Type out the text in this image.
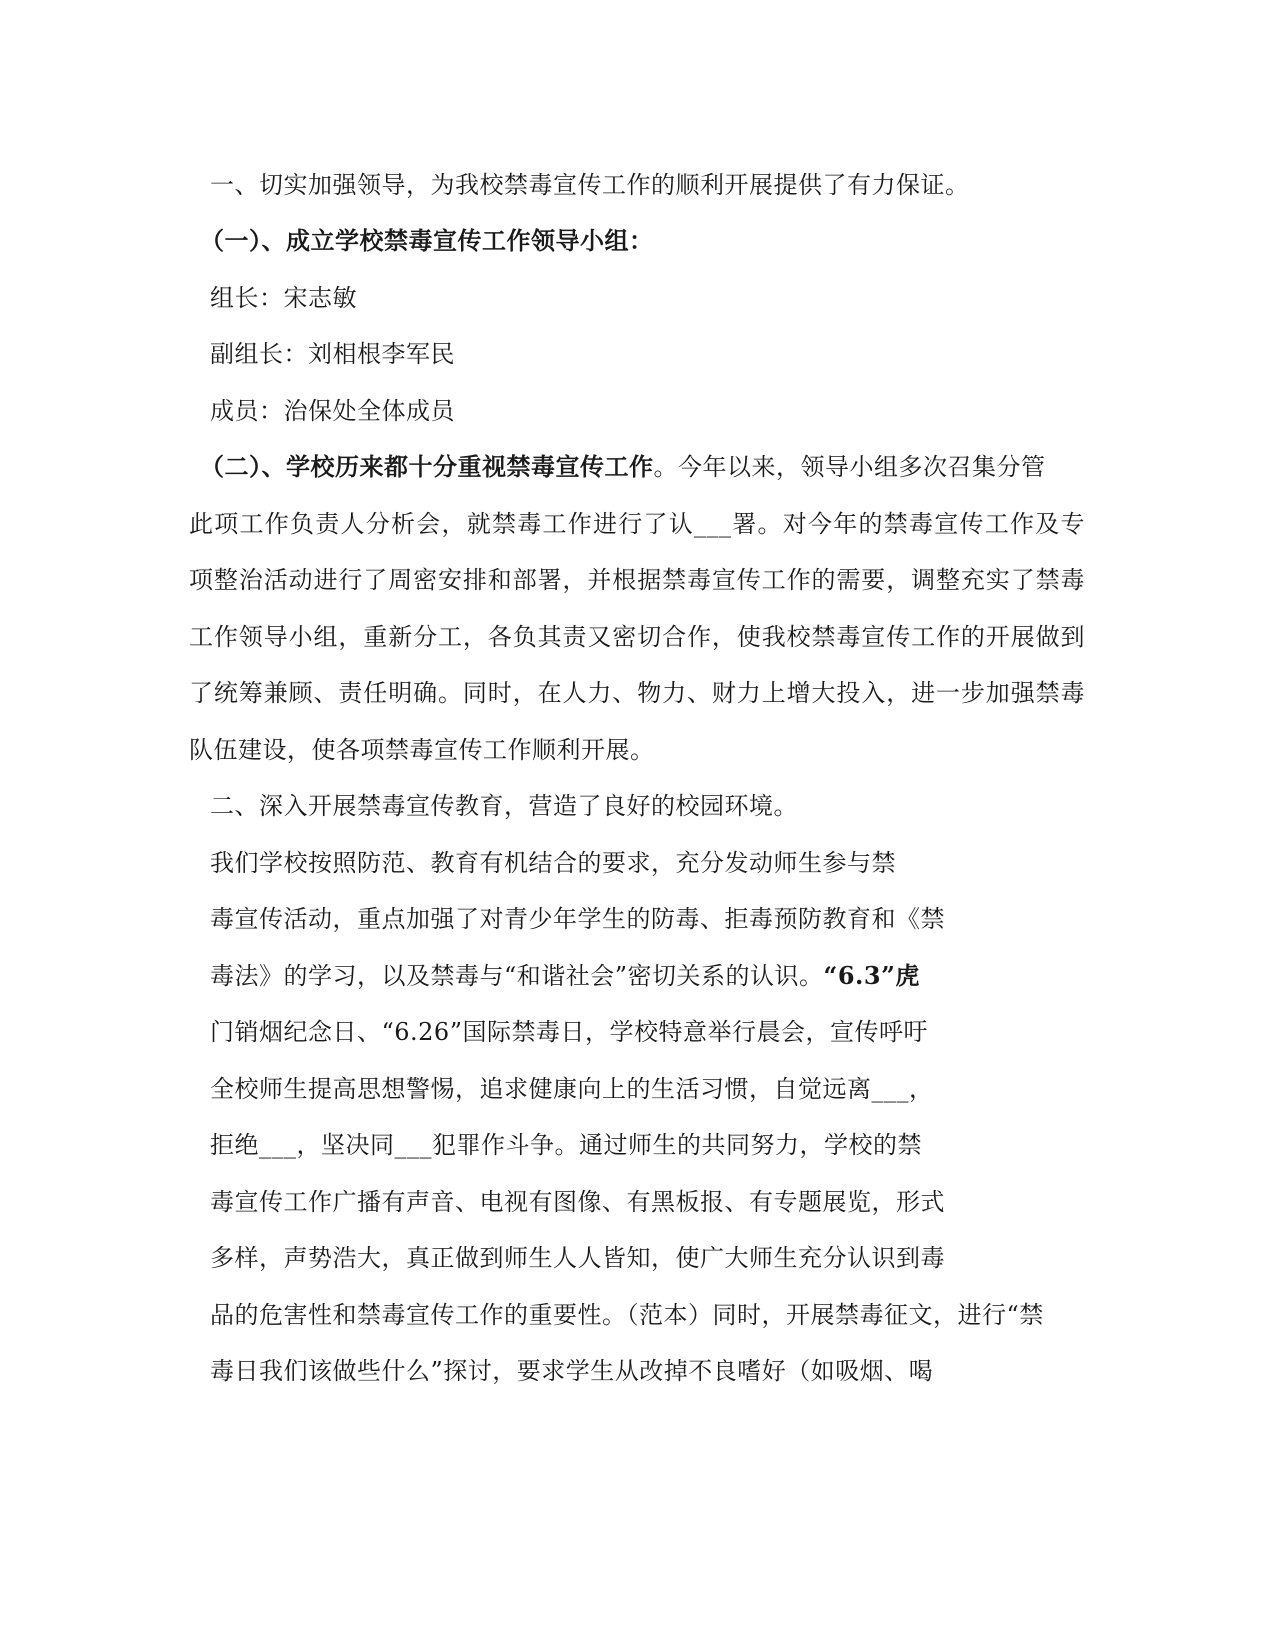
一、切实加强领导，为我校禁毒宣传工作的顺利开展提供了有力保证。
（一）、成立学校禁毒宣传工作领导小组：
组长：宋志敏
副组长：刘相根李军民
成员：治保处全体成员
（二）、学校历来都十分重视禁毒宣传工作。今年以来，领导小组多次召集分管
此项工作负责人分析会，就禁毒工作进行了认___署。对今年的禁毒宣传工作及专
项整治活动进行了周密安排和部署，并根据禁毒宣传工作的需要，调整充实了禁毒
工作领导小组，重新分工，各负其责又密切合作，使我校禁毒宣传工作的开展做到
了统筹兼顾、责任明确。同时，在人力、物力、财力上增大投入，进一步加强禁毒
队伍建设，使各项禁毒宣传工作顺利开展。
二、深入开展禁毒宣传教育，营造了良好的校园环境。
我们学校按照防范、教育有机结合的要求，充分发动师生参与禁
毒宣传活动，重点加强了对青少年学生的防毒、拒毒预防教育和《禁
毒法》的学习，以及禁毒与“和谐社会”密切关系的认识。“6.3”虎
门销烟纪念日、“6.26”国际禁毒日，学校特意举行晨会，宣传呼吁
全校师生提高思想警惕，追求健康向上的生活习惯，自觉远离___，
拒绝___，坚决同___犯罪作斗争。通过师生的共同努力，学校的禁
毒宣传工作广播有声音、电视有图像、有黑板报、有专题展览，形式
多样，声势浩大，真正做到师生人人皆知，使广大师生充分认识到毒
品的危害性和禁毒宣传工作的重要性。（范本）同时，开展禁毒征文，进行“禁
毒日我们该做些什么”探讨，要求学生从改掉不良嗜好（如吸烟、喝
